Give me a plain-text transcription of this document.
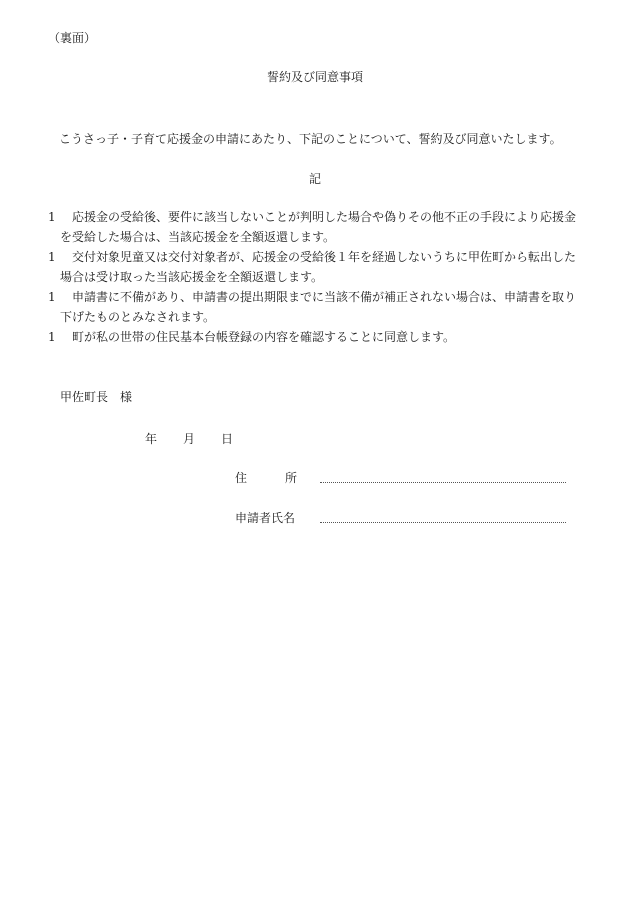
（裏面）
誓約及び同意事項
こうさっ子・子育て応援金の申請にあたり、下記のことについて、誓約及び同意いたします。
記
1 応援金の受給後、要件に該当しないことが判明した場合や偽りその他不正の手段により応援金
を受給した場合は、当該応援金を全額返還します。
1 交付対象児童又は交付対象者が、応援金の受給後１年を経過しないうちに甲佐町から転出した
場合は受け取った当該応援金を全額返還します。
1 申請書に不備があり、申請書の提出期限までに当該不備が補正されない場合は、申請書を取り
下げたものとみなされます。
1 町が私の世帯の住民基本台帳登録の内容を確認することに同意します。
甲佐町長 様
年 月 日
住	所
申請者氏名
